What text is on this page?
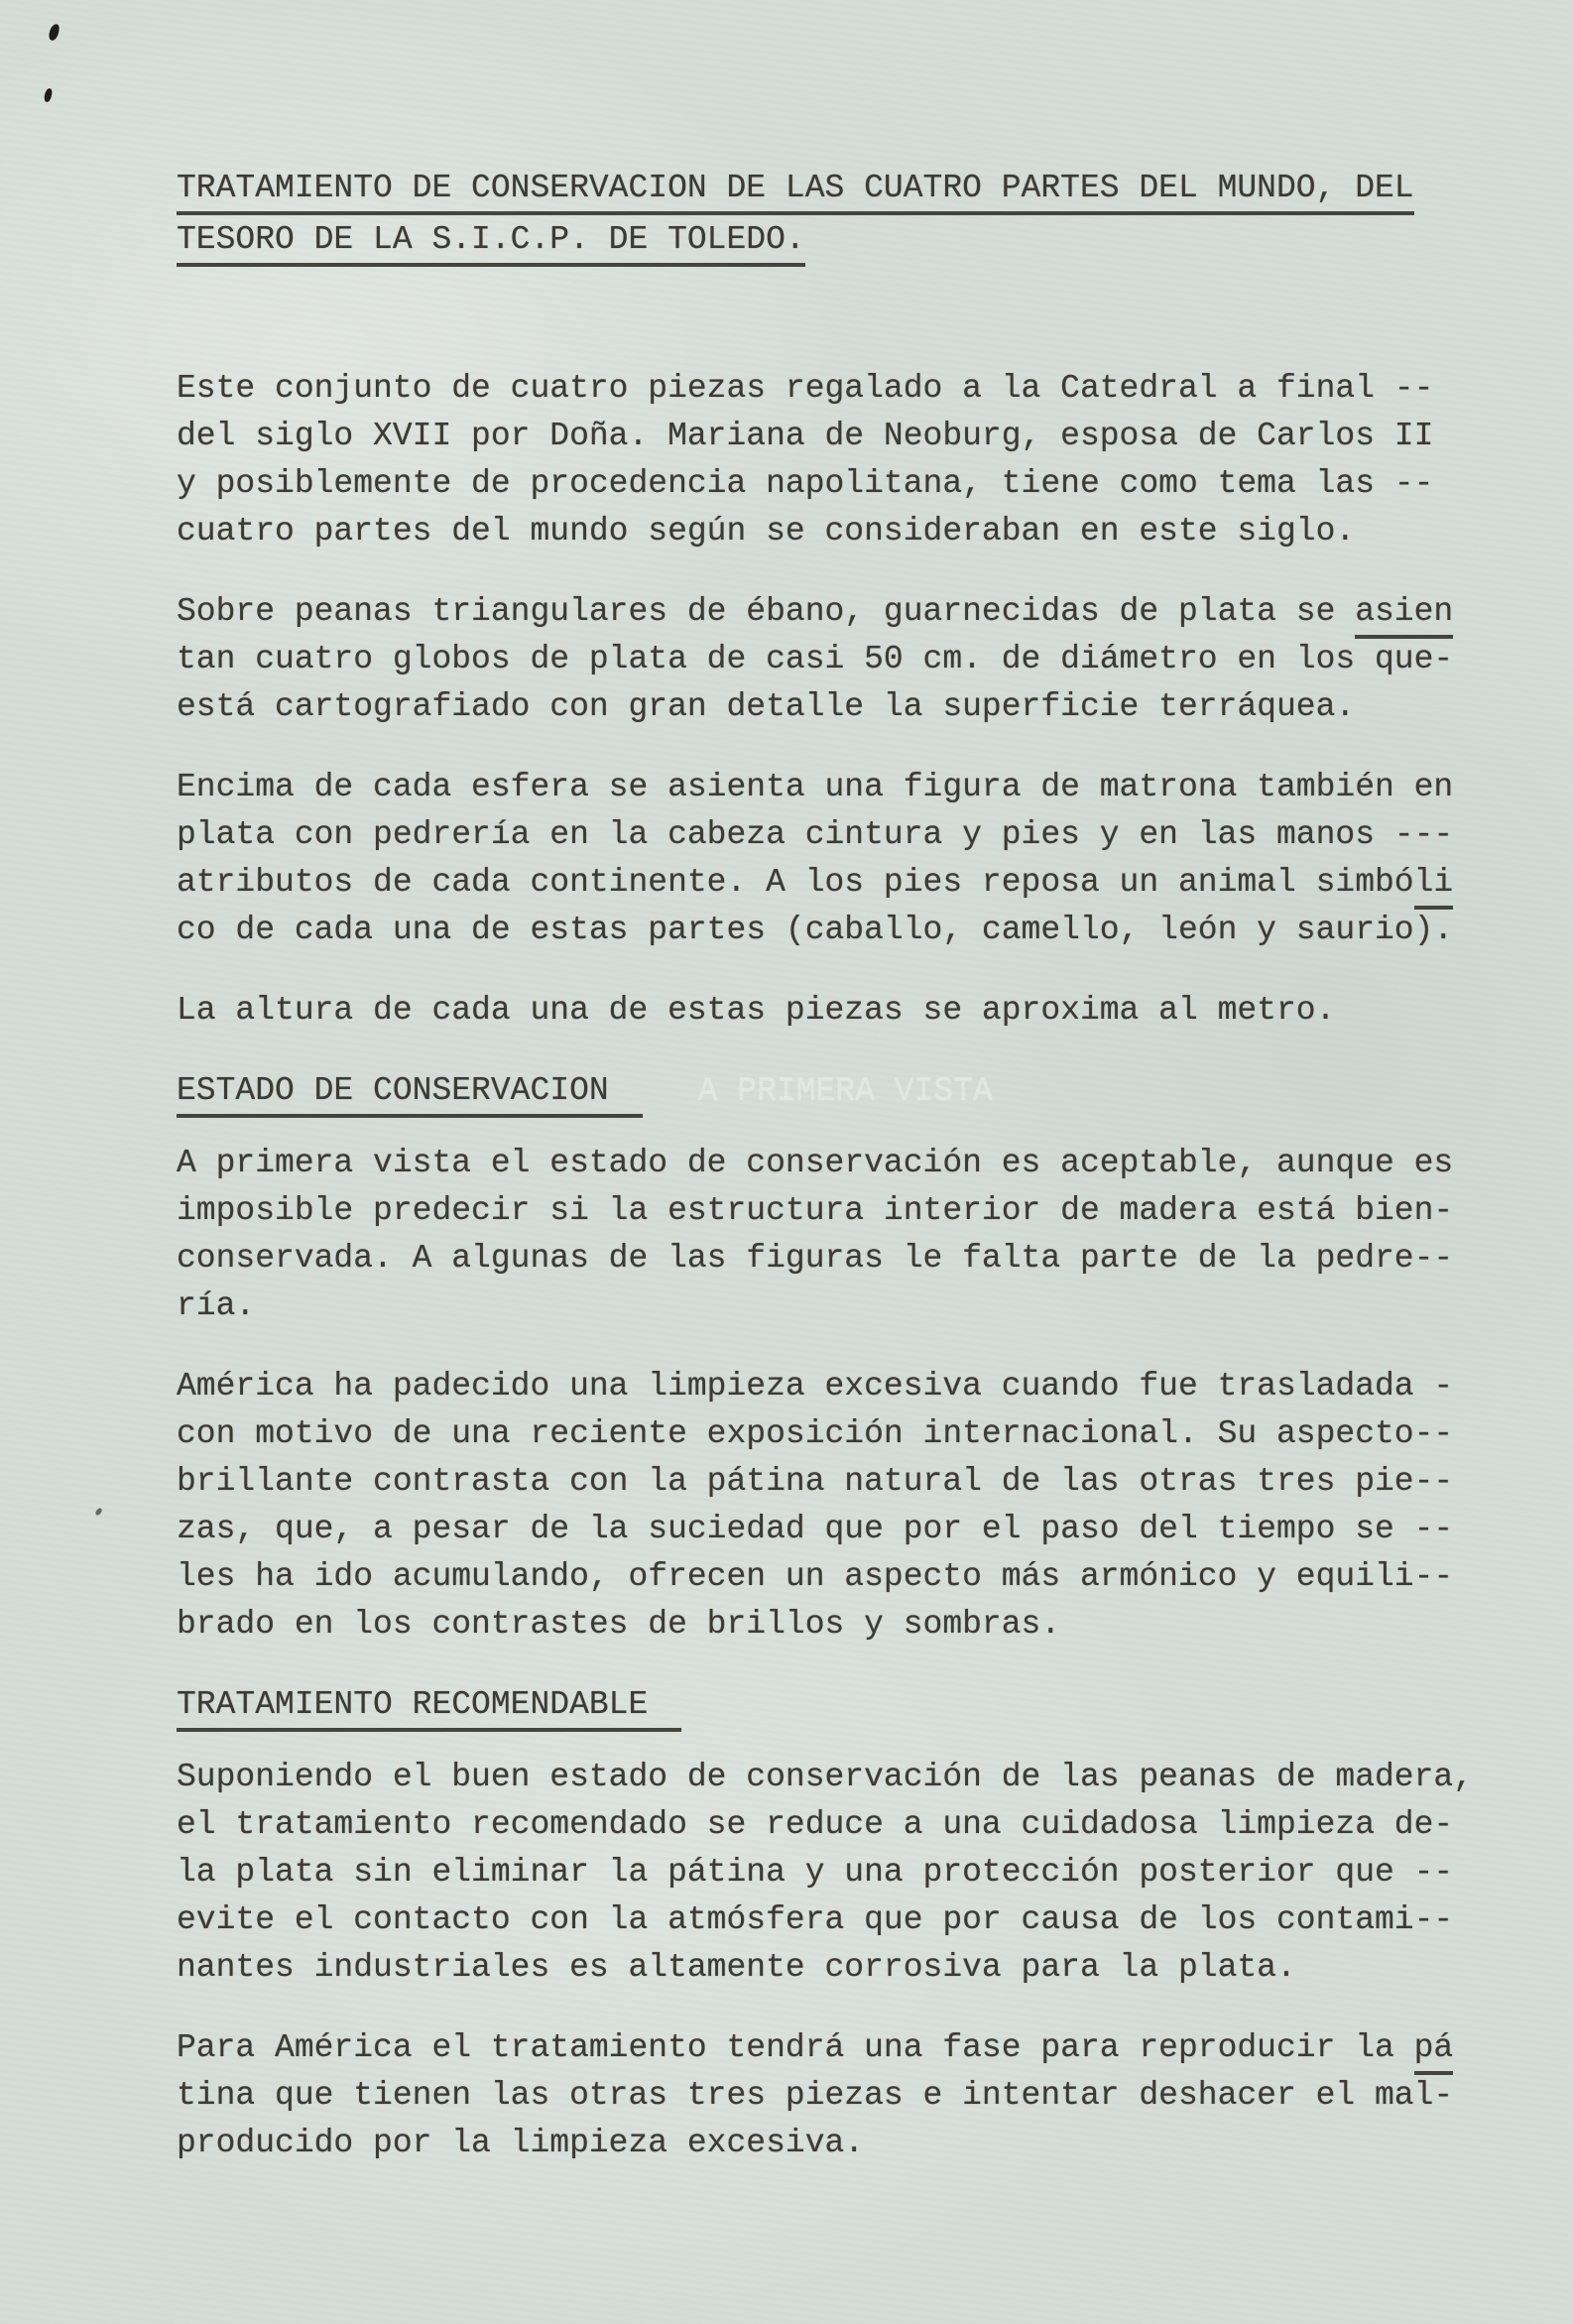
TRATAMIENTO DE CONSERVACION DE LAS CUATRO PARTES DEL MUNDO, DEL
TESORO DE LA S.I.C.P. DE TOLEDO.
Este conjunto de cuatro piezas regalado a la Catedral a final --
del siglo XVII por Doña. Mariana de Neoburg, esposa de Carlos II
y posiblemente de procedencia napolitana, tiene como tema las --
cuatro partes del mundo según se consideraban en este siglo.
Sobre peanas triangulares de ébano, guarnecidas de plata se asien
tan cuatro globos de plata de casi 50 cm. de diámetro en los que-
está cartografiado con gran detalle la superficie terráquea.
Encima de cada esfera se asienta una figura de matrona también en
plata con pedrería en la cabeza cintura y pies y en las manos ---
atributos de cada continente. A los pies reposa un animal simbóli
co de cada una de estas partes (caballo, camello, león y saurio).
La altura de cada una de estas piezas se aproxima al metro.
ESTADO DE CONSERVACION	A PRIMERA VISTA
A primera vista el estado de conservación es aceptable, aunque es
imposible predecir si la estructura interior de madera está bien-
conservada. A algunas de las figuras le falta parte de la pedre--
ría.
América ha padecido una limpieza excesiva cuando fue trasladada -
con motivo de una reciente exposición internacional. Su aspecto--
brillante contrasta con la pátina natural de las otras tres pie--
zas, que, a pesar de la suciedad que por el paso del tiempo se --
les ha ido acumulando, ofrecen un aspecto más armónico y equili--
brado en los contrastes de brillos y sombras.
TRATAMIENTO RECOMENDABLE
Suponiendo el buen estado de conservación de las peanas de madera,
el tratamiento recomendado se reduce a una cuidadosa limpieza de-
la plata sin eliminar la pátina y una protección posterior que --
evite el contacto con la atmósfera que por causa de los contami--
nantes industriales es altamente corrosiva para la plata.
Para América el tratamiento tendrá una fase para reproducir la pá
tina que tienen las otras tres piezas e intentar deshacer el mal-
producido por la limpieza excesiva.
